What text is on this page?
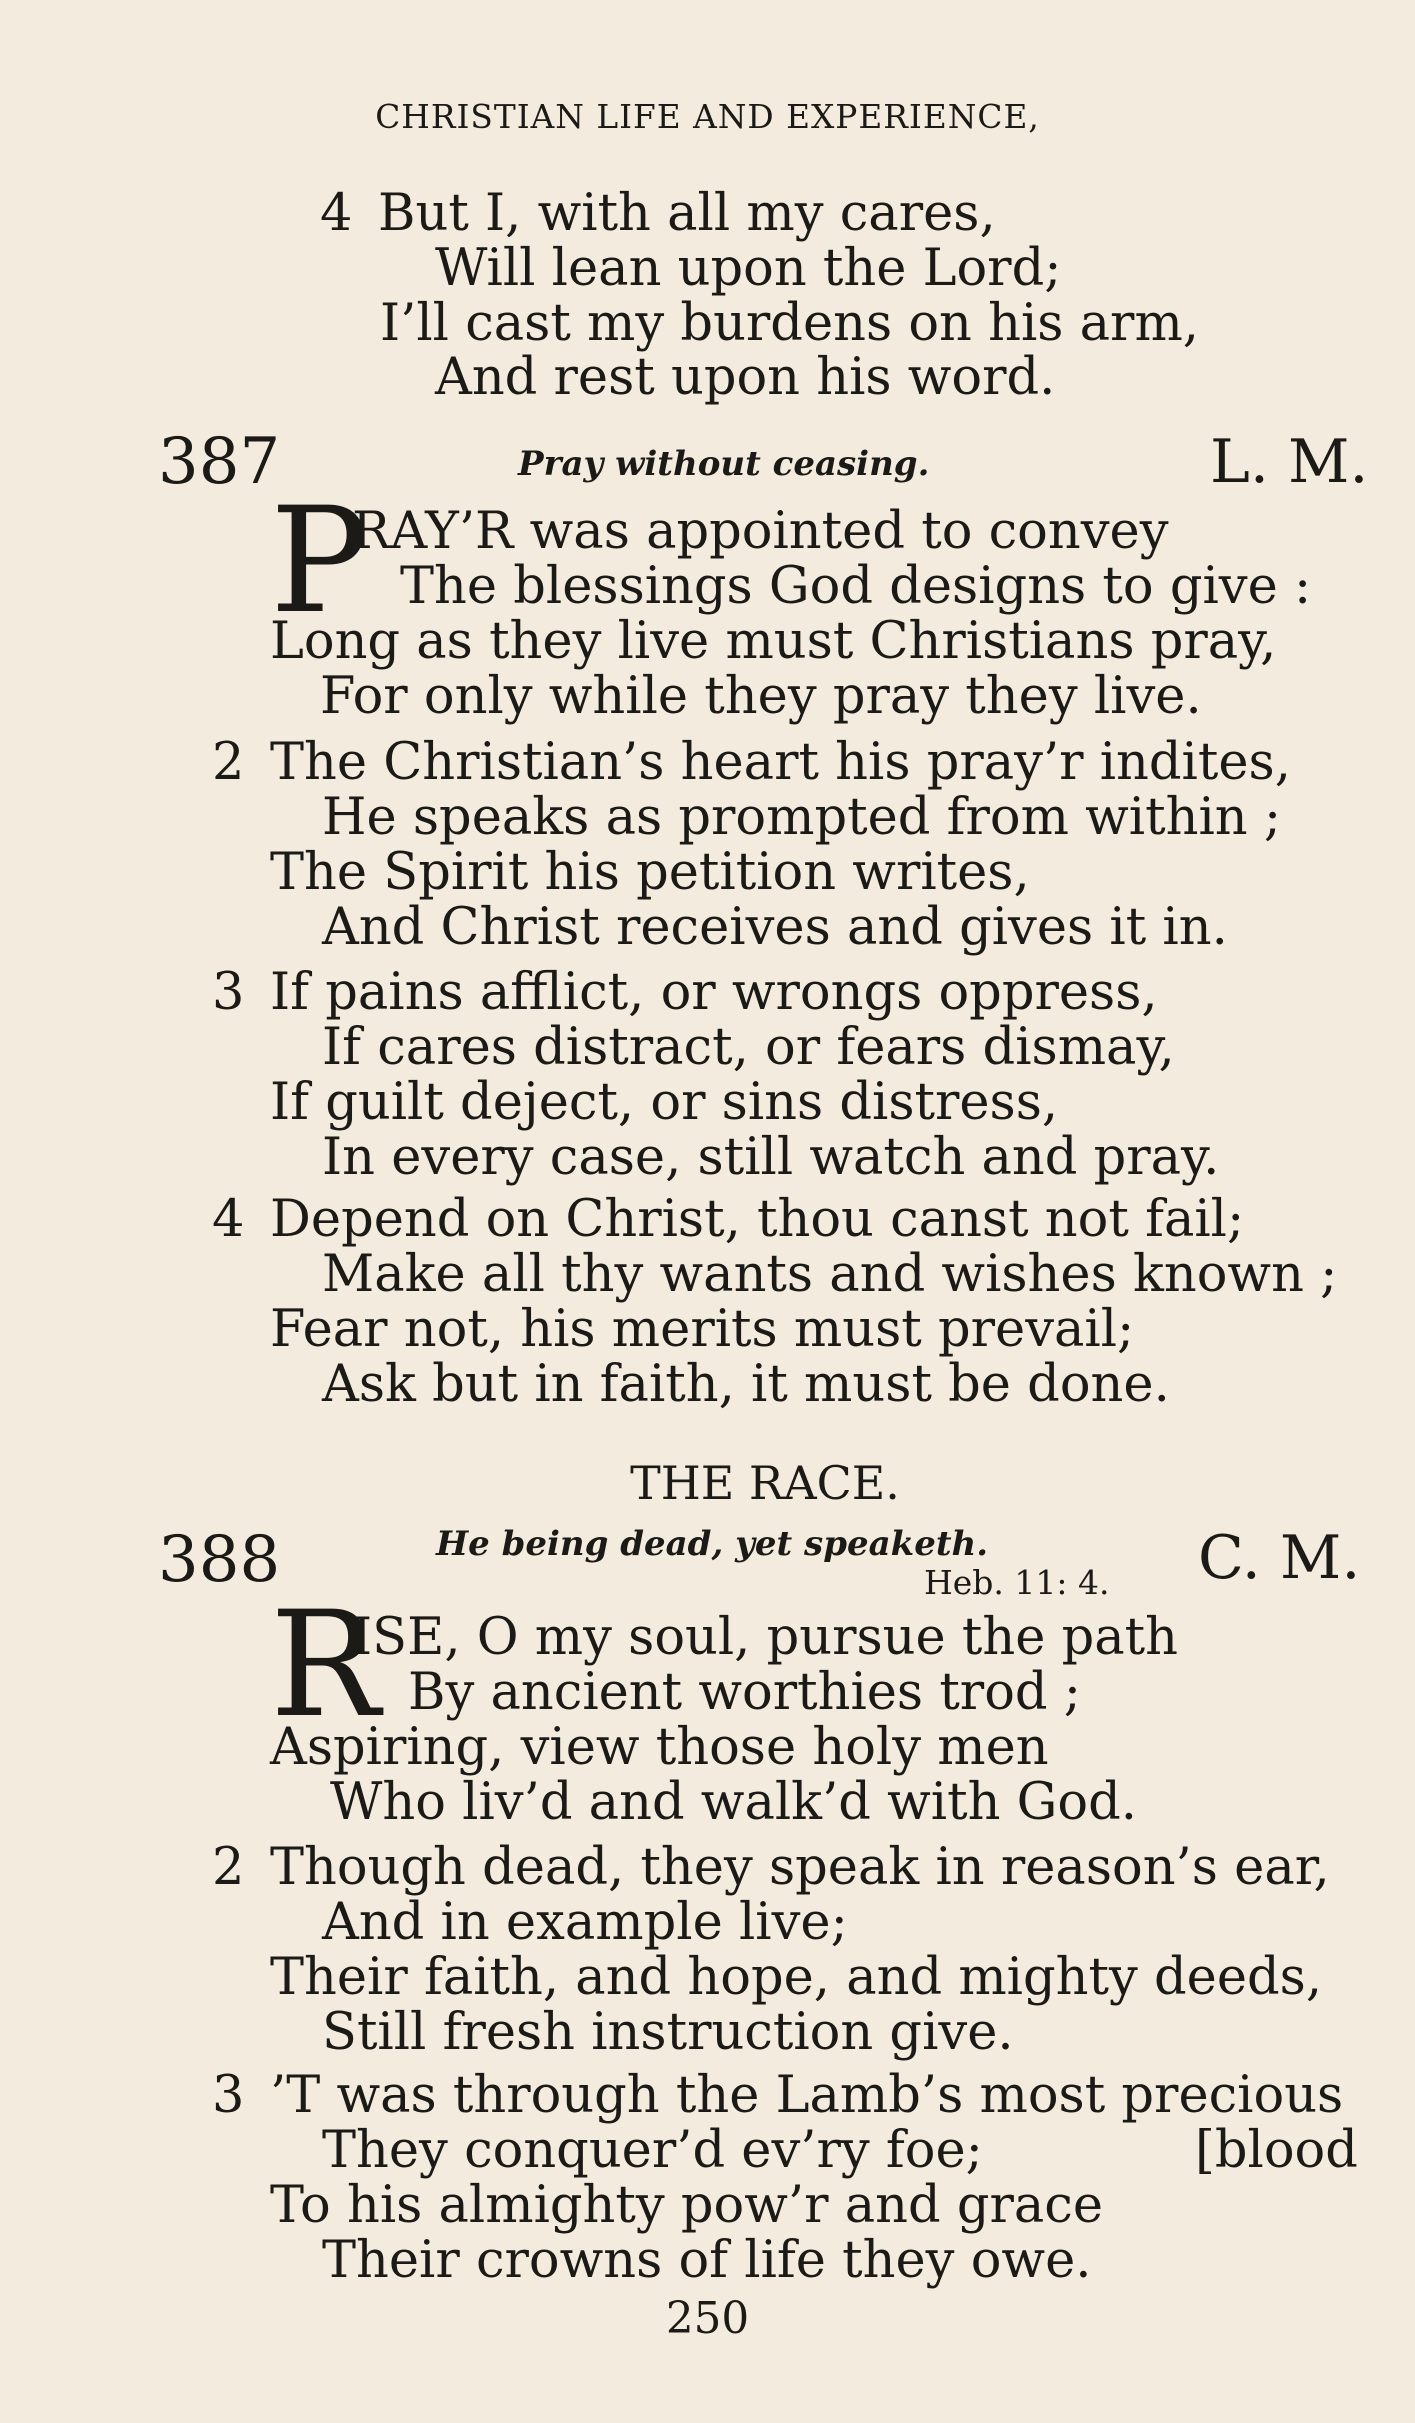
CHRISTIAN LIFE AND EXPERIENCE,
4 But I, with all my cares,
Will lean upon the Lord;
I’ll cast my burdens on his arm,
And rest upon his word.
387	Pray without ceasing.	L. M.
P
RAY’R was appointed to convey
The blessings God designs to give :
Long as they live must Christians pray,
For only while they pray they live.
2 The Christian’s heart his pray’r indites,
He speaks as prompted from within ;
The Spirit his petition writes,
And Christ receives and gives it in.
3 If pains afflict, or wrongs oppress,
If cares distract, or fears dismay,
If guilt deject, or sins distress,
In every case, still watch and pray.
4 Depend on Christ, thou canst not fail;
Make all thy wants and wishes known ;
Fear not, his merits must prevail;
Ask but in faith, it must be done.
THE RACE.
388	He being dead, yet speaketh.
Heb. 11: 4. C. M.
R
ISE, O my soul, pursue the path
By ancient worthies trod ;
Aspiring, view those holy men
Who liv’d and walk’d with God.
2 Though dead, they speak in reason’s ear,
And in example live;
Their faith, and hope, and mighty deeds,
Still fresh instruction give.
3 ’T was through the Lamb’s most precious
They conquer’d ev’ry foe;	[blood
To his almighty pow’r and grace
Their crowns of life they owe.
250
